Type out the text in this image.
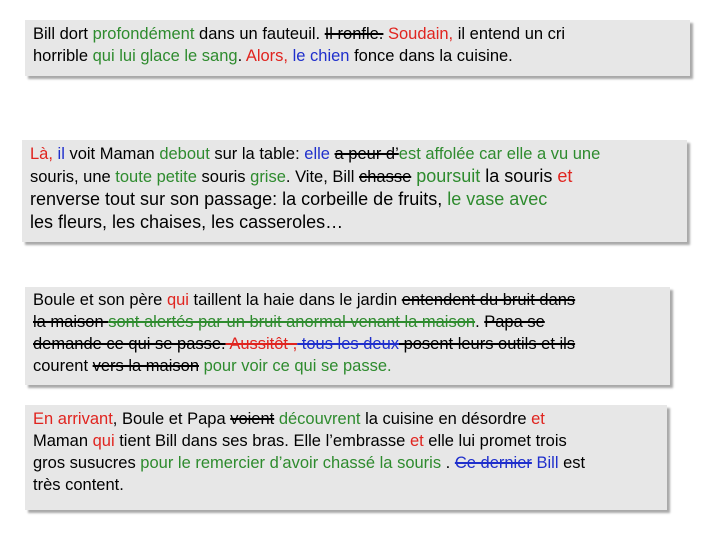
Bill dort profondément dans un fauteuil. Il ronfle. Soudain, il entend un cri
horrible qui lui glace le sang. Alors, le chien fonce dans la cuisine.
Là, il voit Maman debout sur la table: elle a peur d’est affolée car elle a vu une
souris, une toute petite souris grise. Vite, Bill chasse poursuit la souris et
renverse tout sur son passage: la corbeille de fruits, le vase avec
les fleurs, les chaises, les casseroles…
Boule et son père qui taillent la haie dans le jardin entendent du bruit dans
la maison sont alertés par un bruit anormal venant la maison. Papa se
demande ce qui se passe. Aussitôt , tous les deux posent leurs outils et ils
courent vers la maison pour voir ce qui se passe.
En arrivant, Boule et Papa voient découvrent la cuisine en désordre et
Maman qui tient Bill dans ses bras. Elle l’embrasse et elle lui promet trois
gros susucres pour le remercier d’avoir chassé la souris . Ce dernier Bill est
très content.
